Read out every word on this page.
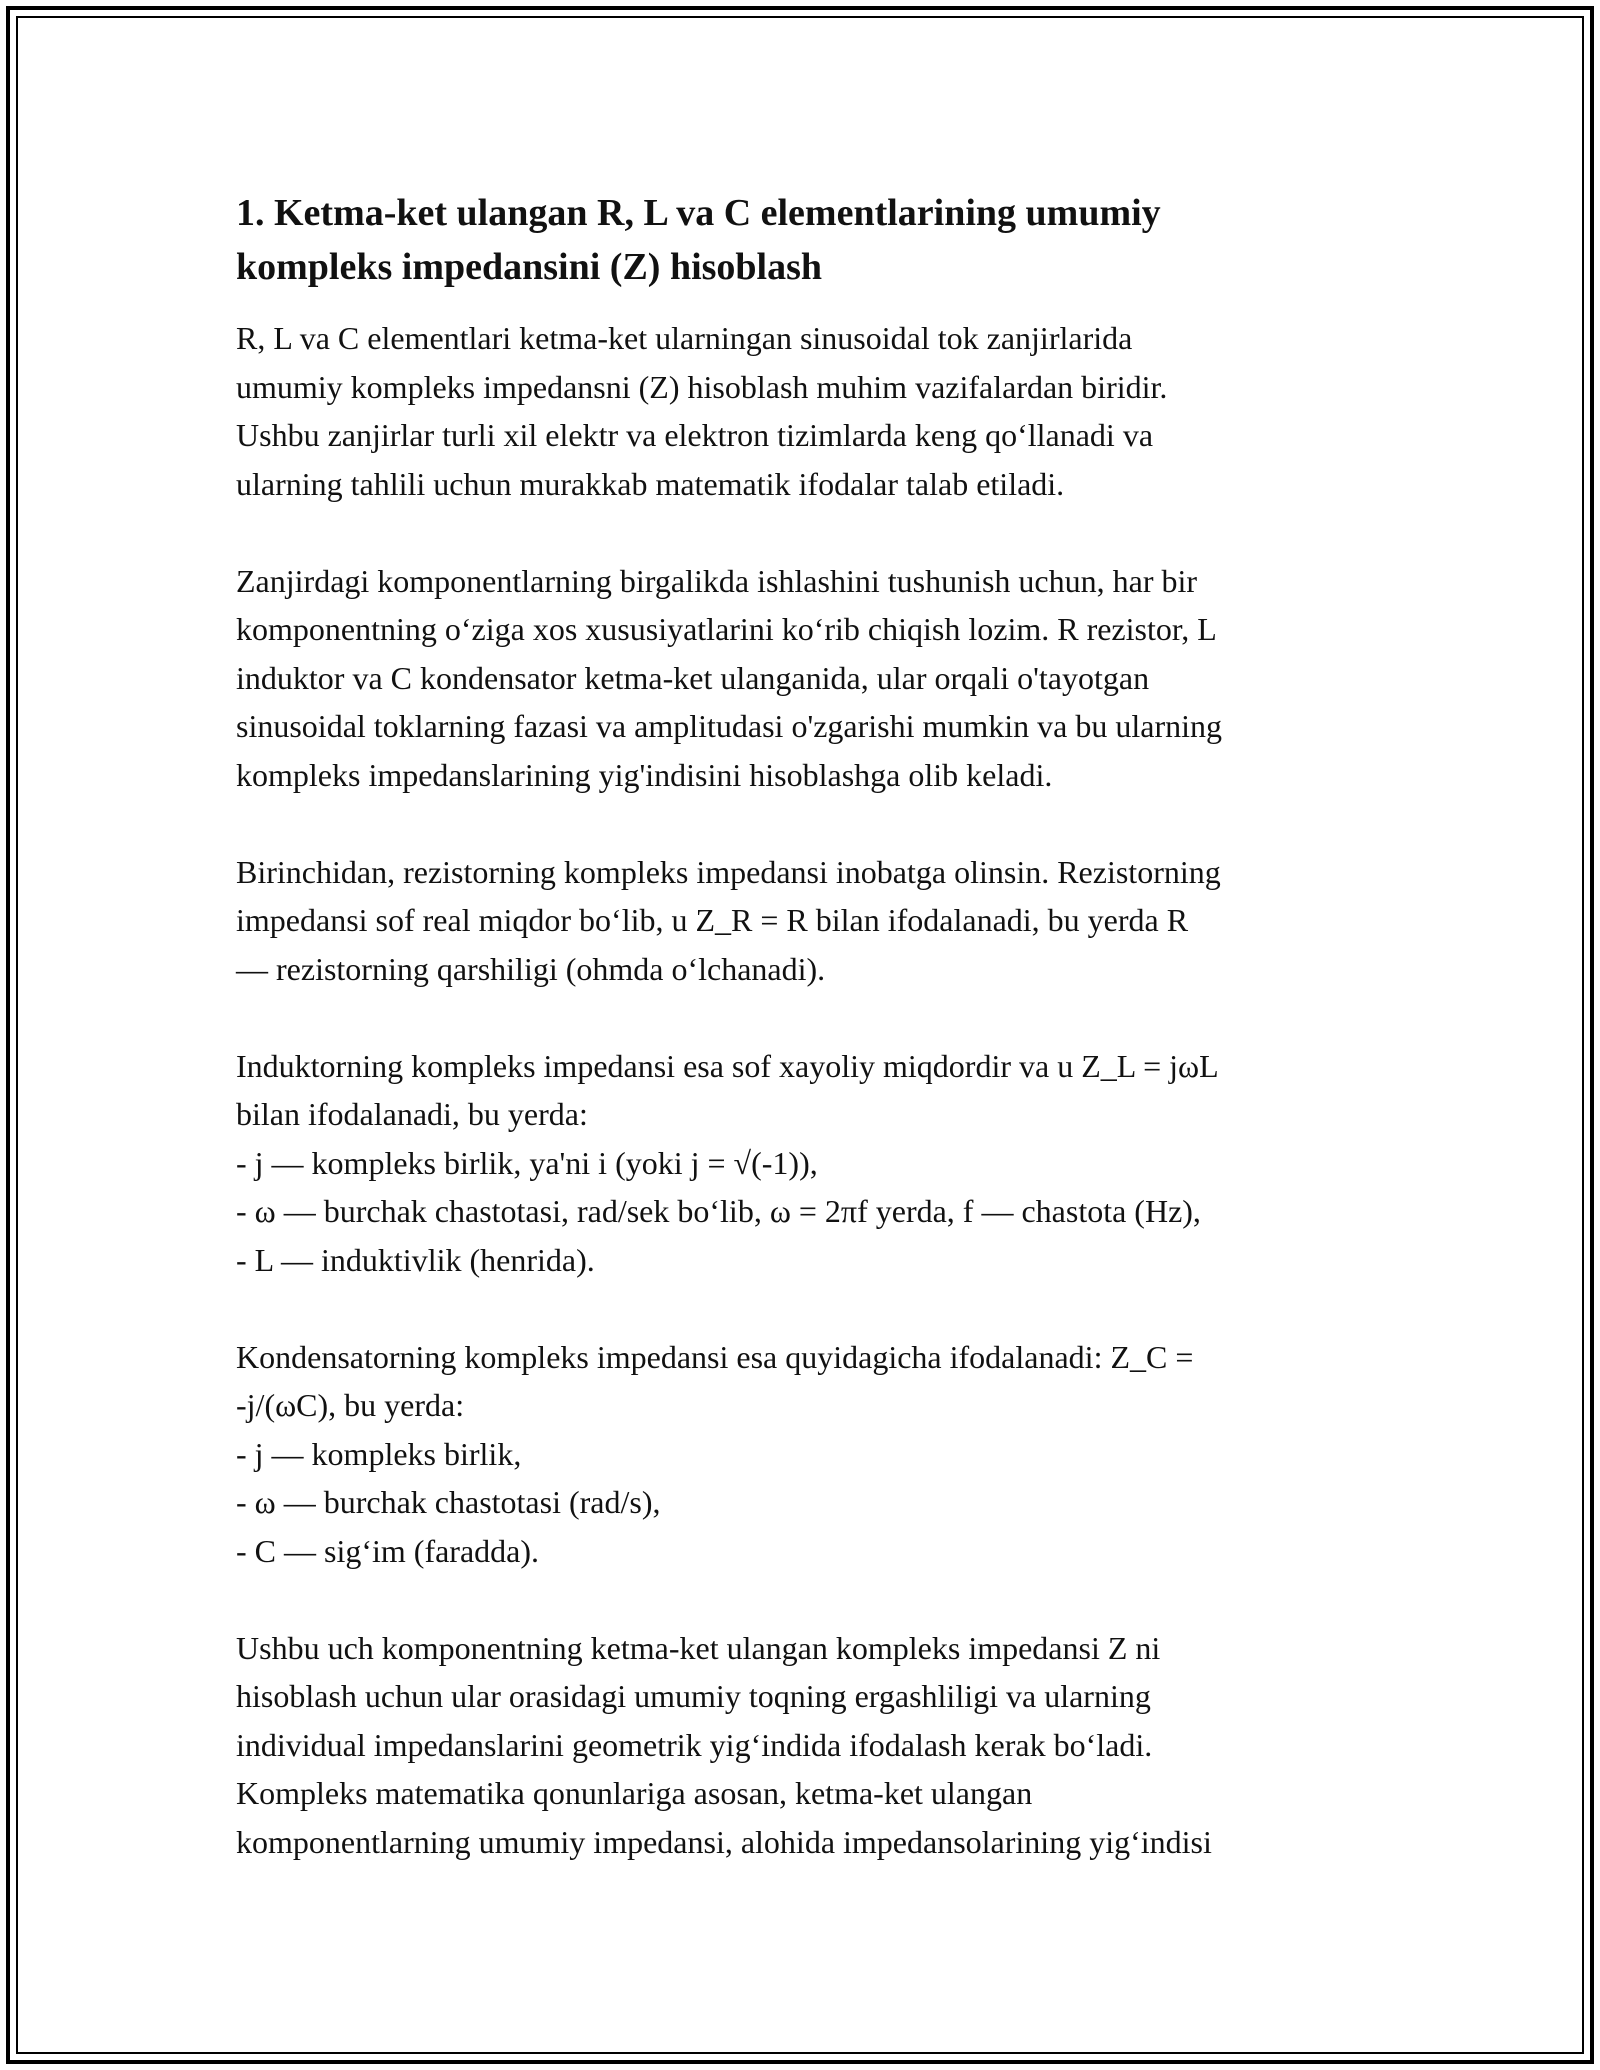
1. Ketma-ket ulangan R, L va C elementlarining umumiy
kompleks impedansini (Z) hisoblash

R, L va C elementlari ketma-ket ularningan sinusoidal tok zanjirlarida
umumiy kompleks impedansni (Z) hisoblash muhim vazifalardan biridir.
Ushbu zanjirlar turli xil elektr va elektron tizimlarda keng qo‘llanadi va
ularning tahlili uchun murakkab matematik ifodalar talab etiladi.

Zanjirdagi komponentlarning birgalikda ishlashini tushunish uchun, har bir
komponentning o‘ziga xos xususiyatlarini ko‘rib chiqish lozim. R rezistor, L
induktor va C kondensator ketma-ket ulanganida, ular orqali o'tayotgan
sinusoidal toklarning fazasi va amplitudasi o'zgarishi mumkin va bu ularning
kompleks impedanslarining yig'indisini hisoblashga olib keladi.

Birinchidan, rezistorning kompleks impedansi inobatga olinsin. Rezistorning
impedansi sof real miqdor bo‘lib, u Z_R = R bilan ifodalanadi, bu yerda R
— rezistorning qarshiligi (ohmda o‘lchanadi).

Induktorning kompleks impedansi esa sof xayoliy miqdordir va u Z_L = jωL
bilan ifodalanadi, bu yerda:
- j — kompleks birlik, ya'ni i (yoki j = √(-1)),
- ω — burchak chastotasi, rad/sek bo‘lib, ω = 2πf yerda, f — chastota (Hz),
- L — induktivlik (henrida).

Kondensatorning kompleks impedansi esa quyidagicha ifodalanadi: Z_C =
-j/(ωC), bu yerda:
- j — kompleks birlik,
- ω — burchak chastotasi (rad/s),
- C — sig‘im (faradda).

Ushbu uch komponentning ketma-ket ulangan kompleks impedansi Z ni
hisoblash uchun ular orasidagi umumiy toqning ergashliligi va ularning
individual impedanslarini geometrik yig‘indida ifodalash kerak bo‘ladi.
Kompleks matematika qonunlariga asosan, ketma-ket ulangan
komponentlarning umumiy impedansi, alohida impedansolarining yig‘indisi
